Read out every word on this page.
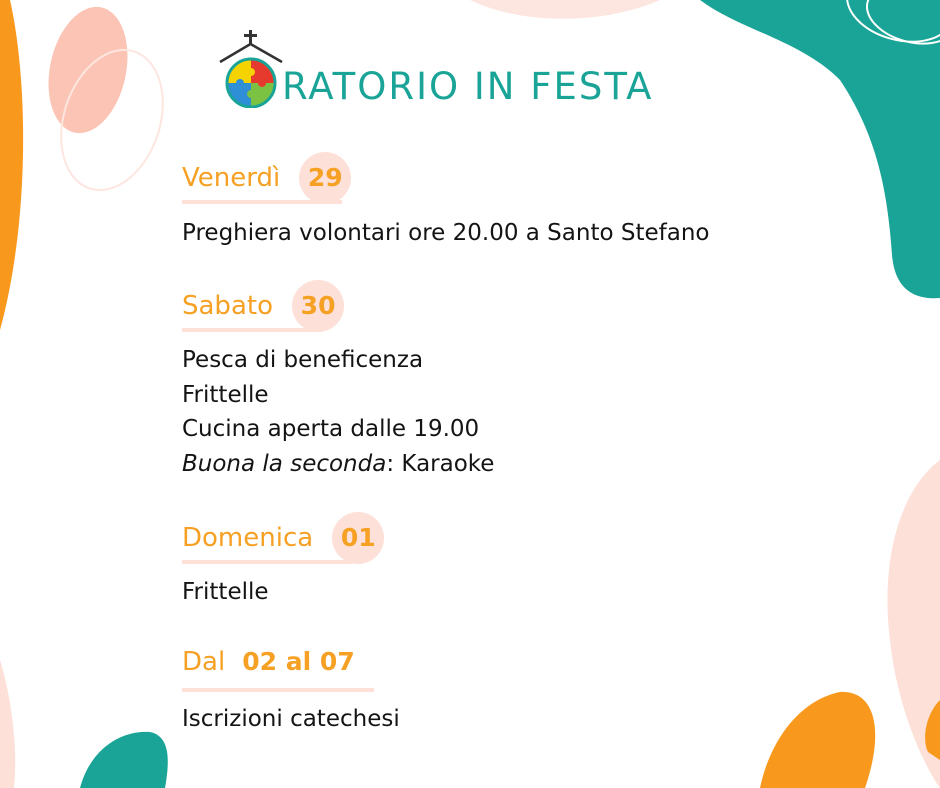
RATORIO IN FESTA
Venerdì	29
Preghiera volontari ore 20.00 a Santo Stefano
Sabato	30
Pesca di beneficenza
Frittelle
Cucina aperta dalle 19.00
Buona la seconda: Karaoke
Domenica	01
Frittelle
Dal 02 al 07
Iscrizioni catechesi
